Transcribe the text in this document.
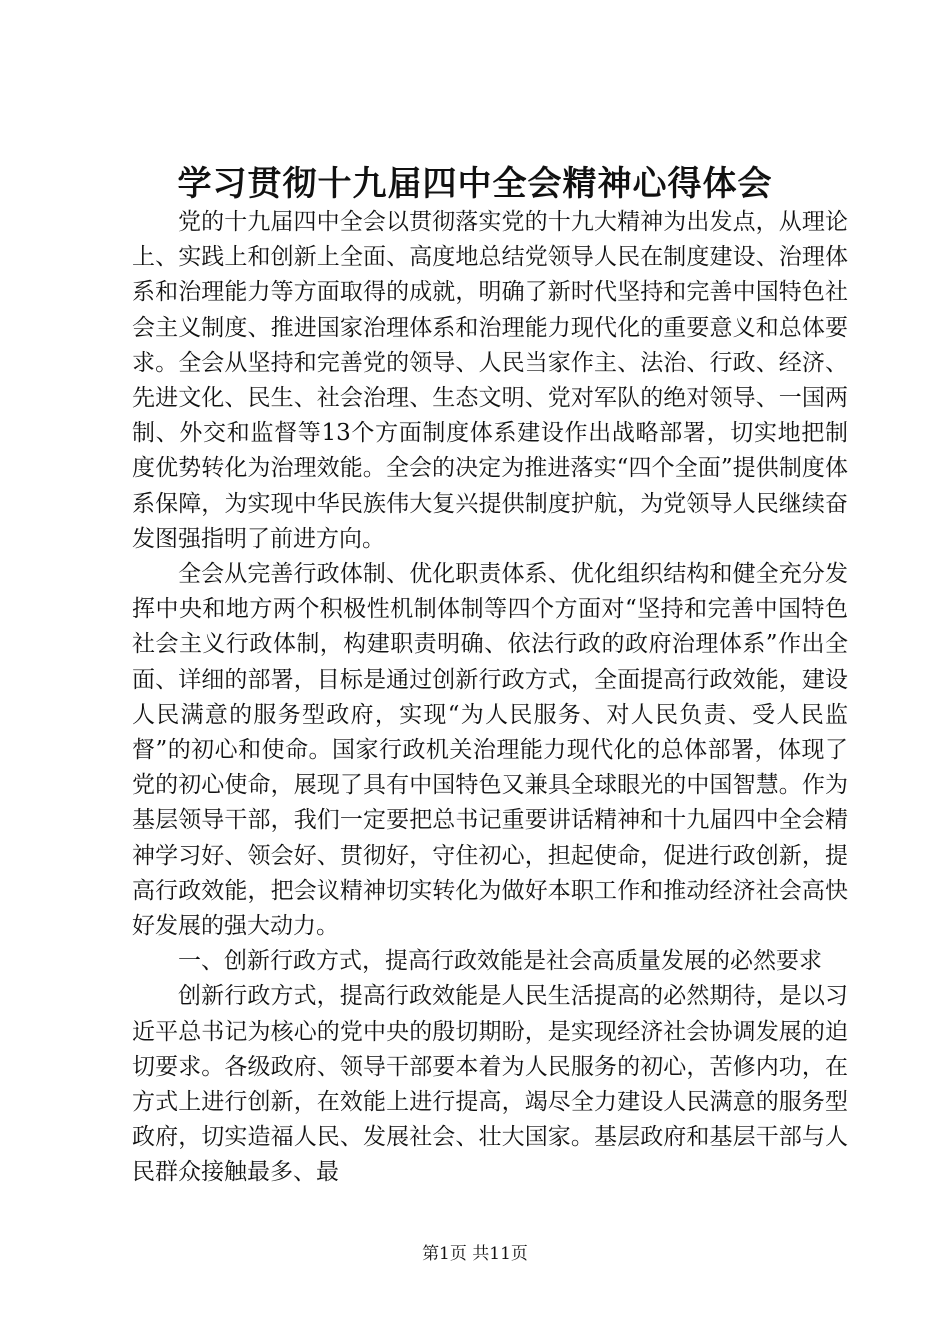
学习贯彻十九届四中全会精神心得体会

党的十九届四中全会以贯彻落实党的十九大精神为出发点，从理论上、实践上和创新上全面、高度地总结党领导人民在制度建设、治理体系和治理能力等方面取得的成就，明确了新时代坚持和完善中国特色社会主义制度、推进国家治理体系和治理能力现代化的重要意义和总体要求。全会从坚持和完善党的领导、人民当家作主、法治、行政、经济、先进文化、民生、社会治理、生态文明、党对军队的绝对领导、一国两制、外交和监督等13个方面制度体系建设作出战略部署，切实地把制度优势转化为治理效能。全会的决定为推进落实“四个全面”提供制度体系保障，为实现中华民族伟大复兴提供制度护航，为党领导人民继续奋发图强指明了前进方向。

全会从完善行政体制、优化职责体系、优化组织结构和健全充分发挥中央和地方两个积极性机制体制等四个方面对“坚持和完善中国特色社会主义行政体制，构建职责明确、依法行政的政府治理体系”作出全面、详细的部署，目标是通过创新行政方式，全面提高行政效能，建设人民满意的服务型政府，实现“为人民服务、对人民负责、受人民监督”的初心和使命。国家行政机关治理能力现代化的总体部署，体现了党的初心使命，展现了具有中国特色又兼具全球眼光的中国智慧。作为基层领导干部，我们一定要把总书记重要讲话精神和十九届四中全会精神学习好、领会好、贯彻好，守住初心，担起使命，促进行政创新，提高行政效能，把会议精神切实转化为做好本职工作和推动经济社会高快好发展的强大动力。

一、创新行政方式，提高行政效能是社会高质量发展的必然要求

创新行政方式，提高行政效能是人民生活提高的必然期待，是以习近平总书记为核心的党中央的殷切期盼，是实现经济社会协调发展的迫切要求。各级政府、领导干部要本着为人民服务的初心，苦修内功，在方式上进行创新，在效能上进行提高，竭尽全力建设人民满意的服务型政府，切实造福人民、发展社会、壮大国家。基层政府和基层干部与人民群众接触最多、最

第1页 共11页
